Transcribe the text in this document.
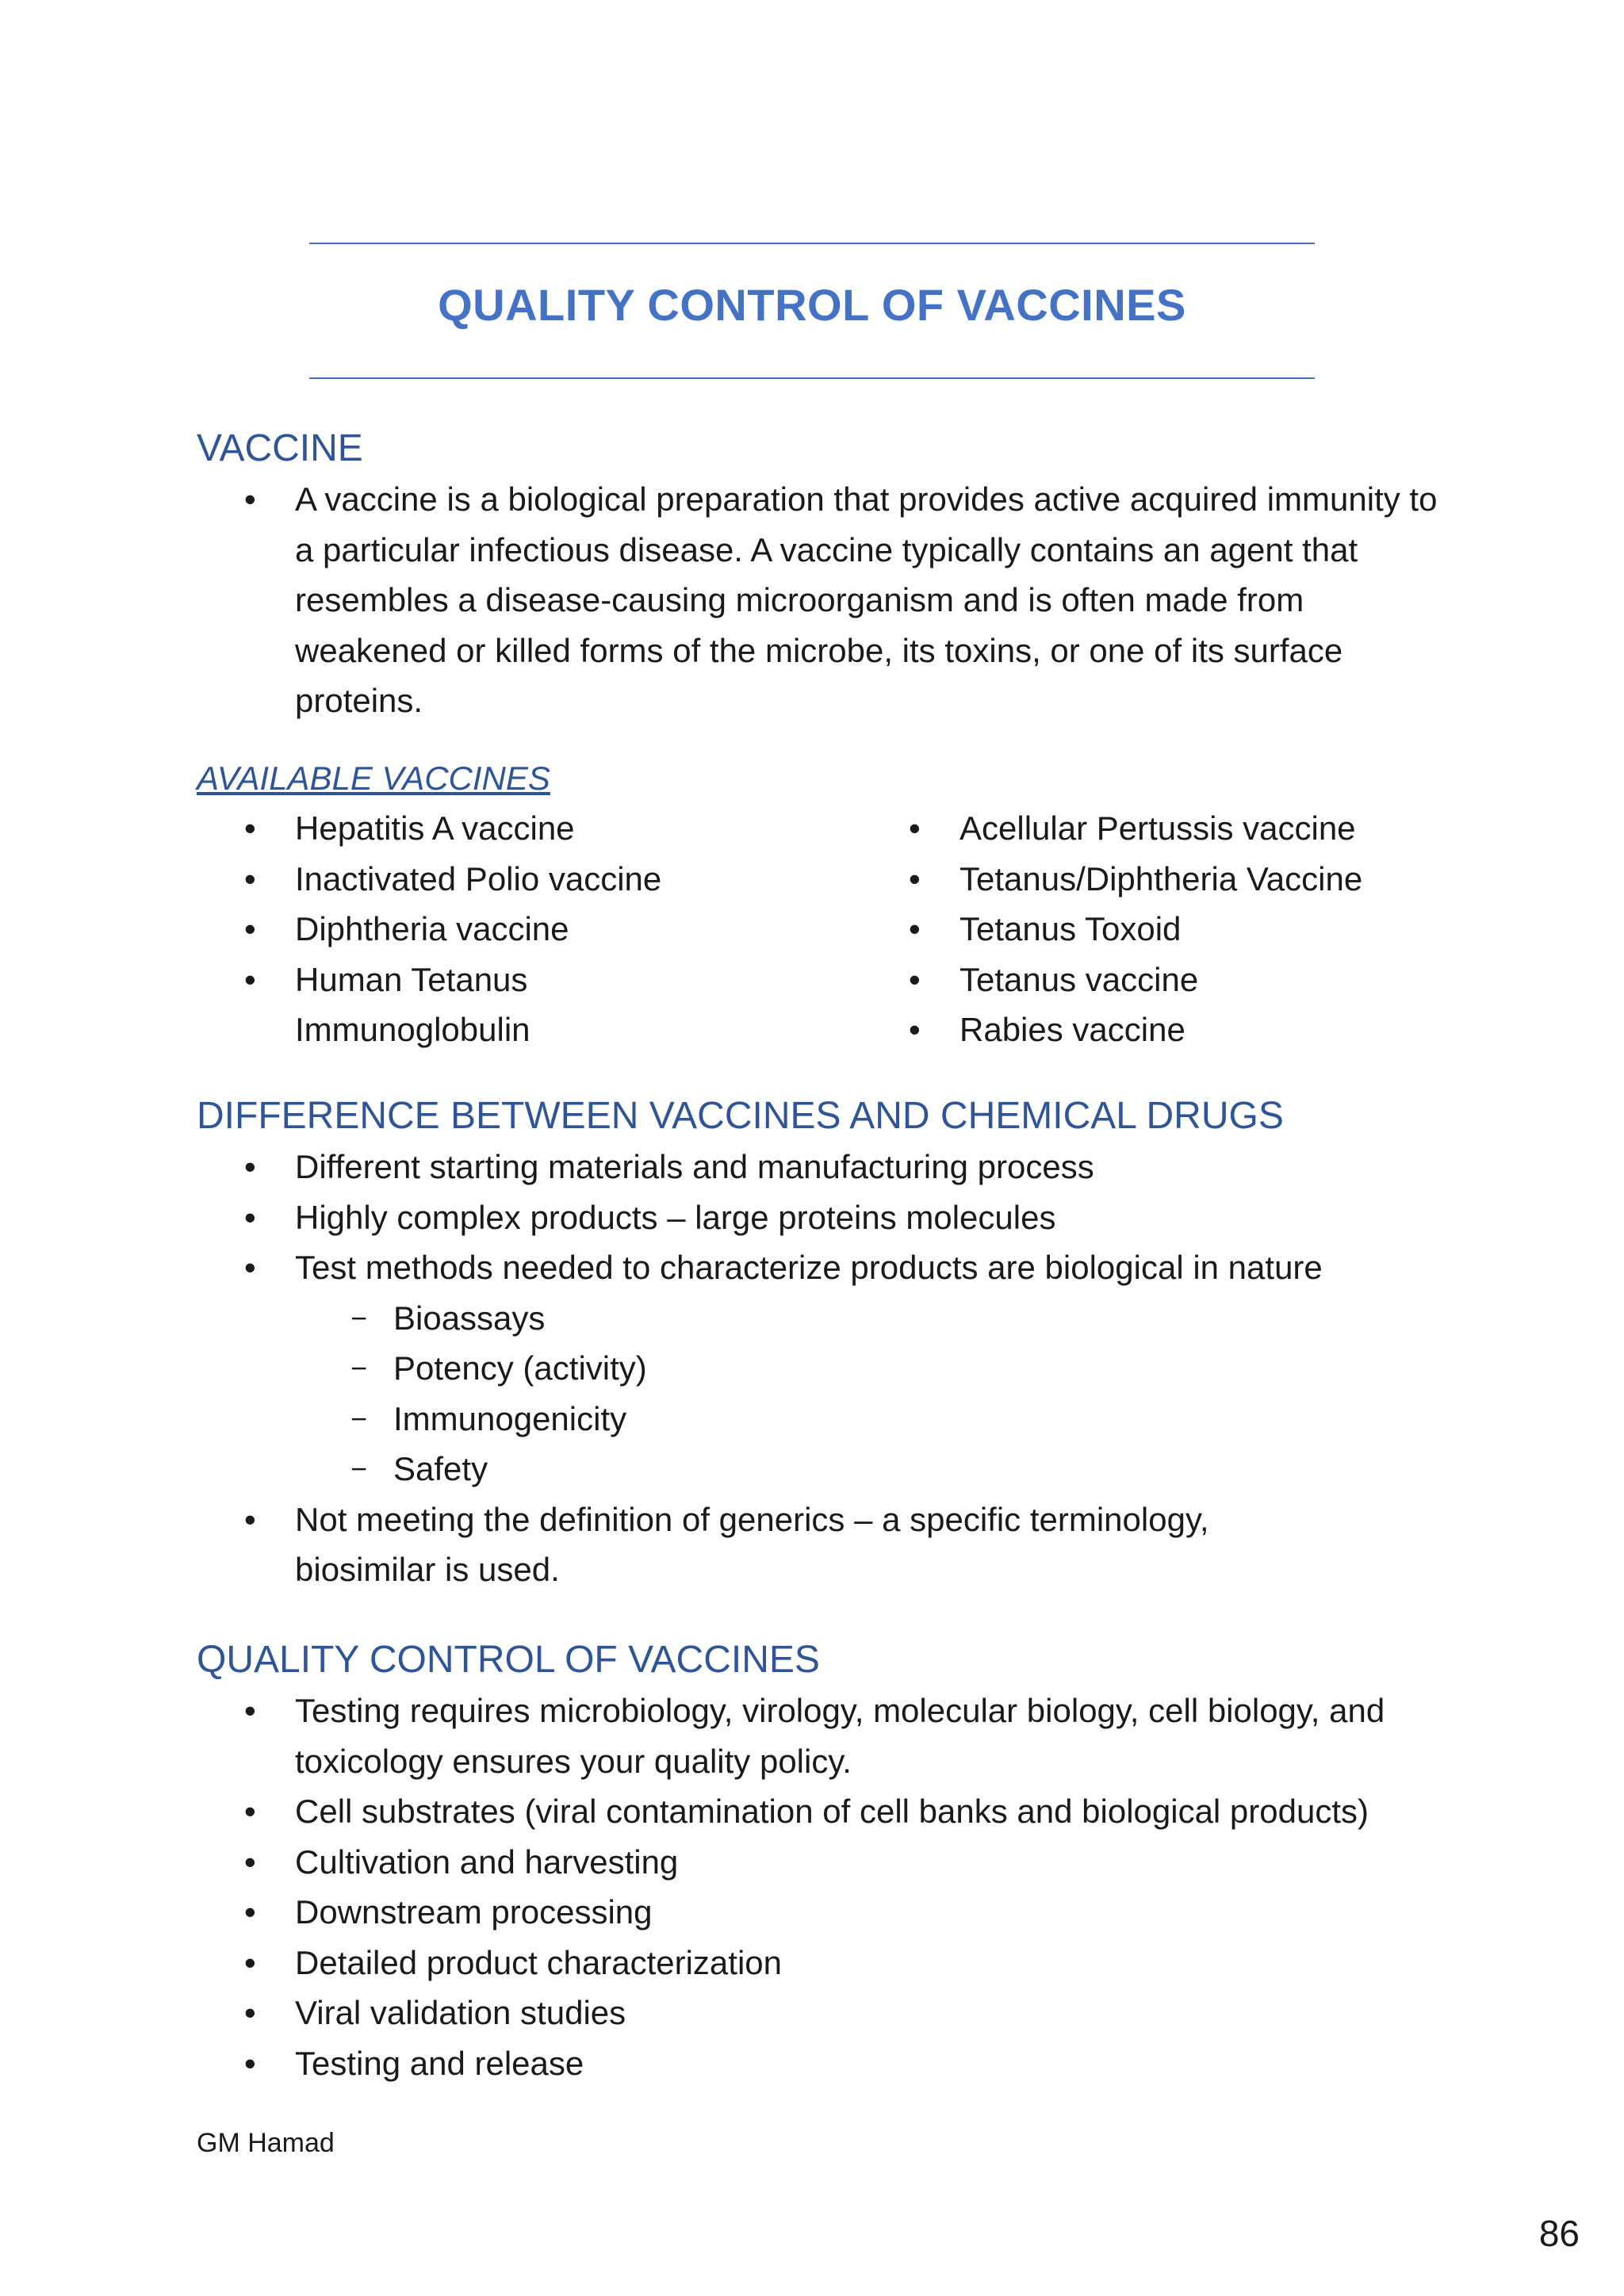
QUALITY CONTROL OF VACCINES
VACCINE
• A vaccine is a biological preparation that provides active acquired immunity to a particular infectious disease. A vaccine typically contains an agent that resembles a disease-causing microorganism and is often made from weakened or killed forms of the microbe, its toxins, or one of its surface proteins.
AVAILABLE VACCINES
• Hepatitis A vaccine
• Inactivated Polio vaccine
• Diphtheria vaccine
• Human Tetanus Immunoglobulin
• Acellular Pertussis vaccine
• Tetanus/Diphtheria Vaccine
• Tetanus Toxoid
• Tetanus vaccine
• Rabies vaccine
DIFFERENCE BETWEEN VACCINES AND CHEMICAL DRUGS
• Different starting materials and manufacturing process
• Highly complex products – large proteins molecules
• Test methods needed to characterize products are biological in nature
− Bioassays
− Potency (activity)
− Immunogenicity
− Safety
• Not meeting the definition of generics – a specific terminology, biosimilar is used.
QUALITY CONTROL OF VACCINES
• Testing requires microbiology, virology, molecular biology, cell biology, and toxicology ensures your quality policy.
• Cell substrates (viral contamination of cell banks and biological products)
• Cultivation and harvesting
• Downstream processing
• Detailed product characterization
• Viral validation studies
• Testing and release
GM Hamad
86
